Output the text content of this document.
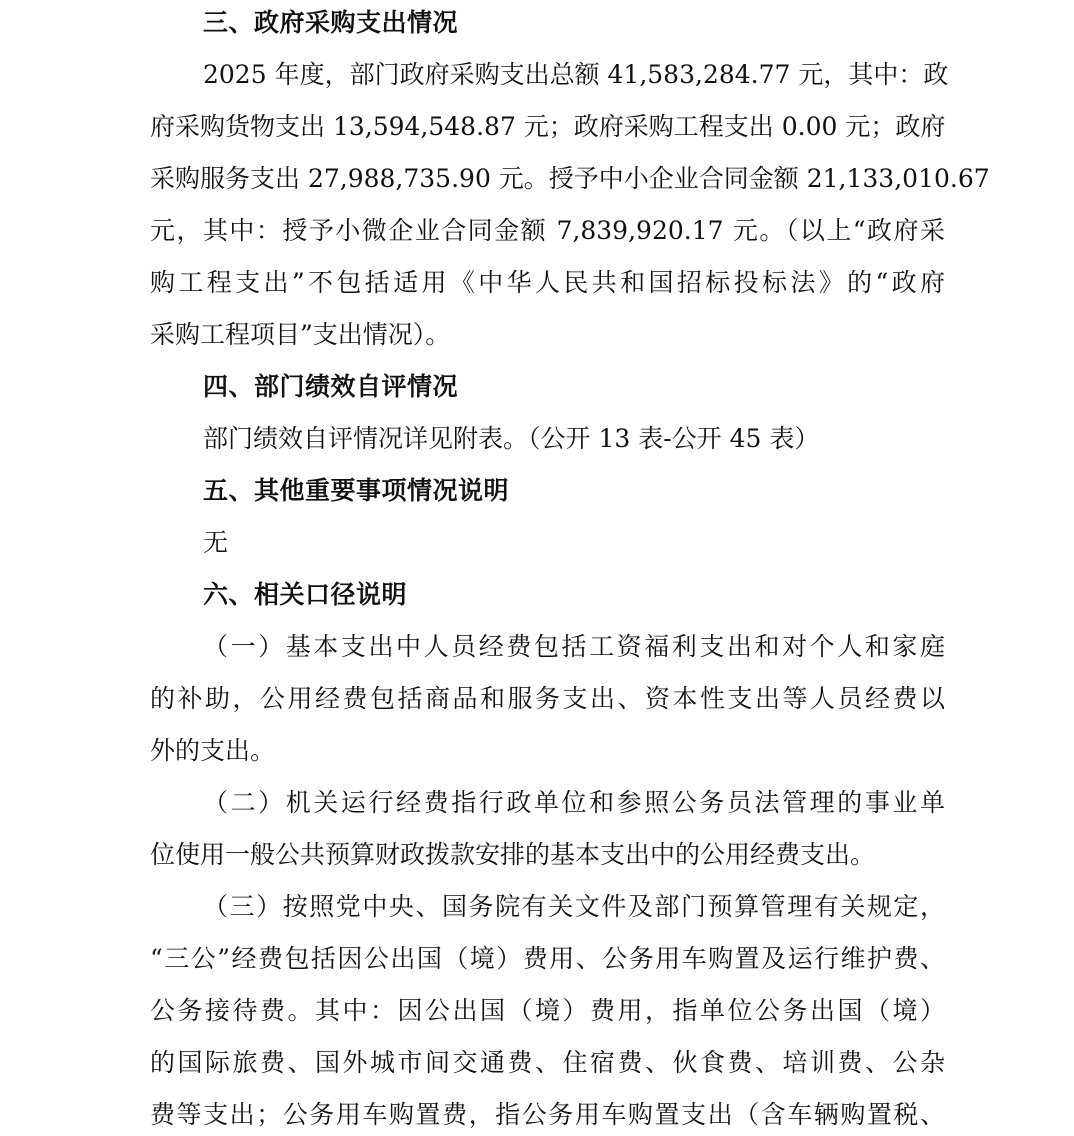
三、政府采购支出情况
2025 年度，部门政府采购支出总额 41,583,284.77 元，其中：政
府采购货物支出 13,594,548.87 元；政府采购工程支出 0.00 元；政府
采购服务支出 27,988,735.90 元。授予中小企业合同金额 21,133,010.67
元，其中：授予小微企业合同金额 7,839,920.17 元。（以上“政府采
购工程支出”不包括适用《中华人民共和国招标投标法》的“政府
采购工程项目”支出情况）。
四、部门绩效自评情况
部门绩效自评情况详见附表。（公开 13 表-公开 45 表）
五、其他重要事项情况说明
无
六、相关口径说明
（一）基本支出中人员经费包括工资福利支出和对个人和家庭
的补助，公用经费包括商品和服务支出、资本性支出等人员经费以
外的支出。
（二）机关运行经费指行政单位和参照公务员法管理的事业单
位使用一般公共预算财政拨款安排的基本支出中的公用经费支出。
（三）按照党中央、国务院有关文件及部门预算管理有关规定，
“三公”经费包括因公出国（境）费用、公务用车购置及运行维护费、
公务接待费。其中：因公出国（境）费用，指单位公务出国（境）
的国际旅费、国外城市间交通费、住宿费、伙食费、培训费、公杂
费等支出；公务用车购置费，指公务用车购置支出（含车辆购置税、
